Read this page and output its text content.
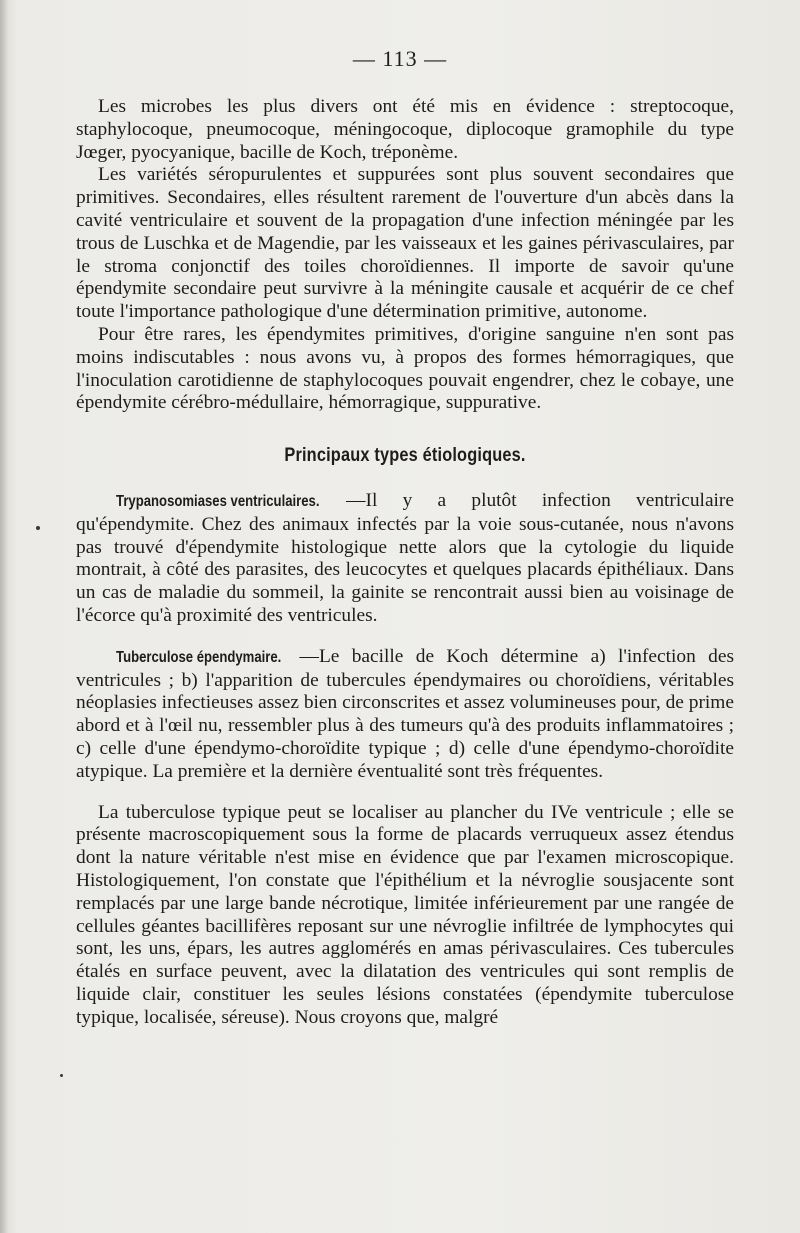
— 113 —

Les microbes les plus divers ont été mis en évidence : streptocoque, staphylocoque, pneumocoque, méningocoque, diplocoque gramophile du type Jœger, pyocyanique, bacille de Koch, tréponème.

Les variétés séropurulentes et suppurées sont plus souvent secondaires que primitives. Secondaires, elles résultent rarement de l'ouverture d'un abcès dans la cavité ventriculaire et souvent de la propagation d'une infection méningée par les trous de Luschka et de Magendie, par les vaisseaux et les gaines périvasculaires, par le stroma conjonctif des toiles choroïdiennes. Il importe de savoir qu'une épendymite secondaire peut survivre à la méningite causale et acquérir de ce chef toute l'importance pathologique d'une détermination primitive, autonome.

Pour être rares, les épendymites primitives, d'origine sanguine n'en sont pas moins indiscutables : nous avons vu, à propos des formes hémorragiques, que l'inoculation carotidienne de staphylocoques pouvait engendrer, chez le cobaye, une épendymite cérébro-médullaire, hémorragique, suppurative.

Principaux types étiologiques.

Trypanosomiases ventriculaires. —Il y a plutôt infection ventriculaire qu'épendymite. Chez des animaux infectés par la voie sous-cutanée, nous n'avons pas trouvé d'épendymite histologique nette alors que la cytologie du liquide montrait, à côté des parasites, des leucocytes et quelques placards épithéliaux. Dans un cas de maladie du sommeil, la gainite se rencontrait aussi bien au voisinage de l'écorce qu'à proximité des ventricules.

Tuberculose épendymaire. —Le bacille de Koch détermine a) l'infection des ventricules ; b) l'apparition de tubercules épendymaires ou choroïdiens, véritables néoplasies infectieuses assez bien circonscrites et assez volumineuses pour, de prime abord et à l'œil nu, ressembler plus à des tumeurs qu'à des produits inflammatoires ; c) celle d'une épendymo-choroïdite typique ; d) celle d'une épendymo-choroïdite atypique. La première et la dernière éventualité sont très fréquentes.

La tuberculose typique peut se localiser au plancher du IVe ventricule ; elle se présente macroscopiquement sous la forme de placards verruqueux assez étendus dont la nature véritable n'est mise en évidence que par l'examen microscopique. Histologiquement, l'on constate que l'épithélium et la névroglie sousjacente sont remplacés par une large bande nécrotique, limitée inférieurement par une rangée de cellules géantes bacillifères reposant sur une névroglie infiltrée de lymphocytes qui sont, les uns, épars, les autres agglomérés en amas périvasculaires. Ces tubercules étalés en surface peuvent, avec la dilatation des ventricules qui sont remplis de liquide clair, constituer les seules lésions constatées (épendymite tuberculose typique, localisée, séreuse). Nous croyons que, malgré
